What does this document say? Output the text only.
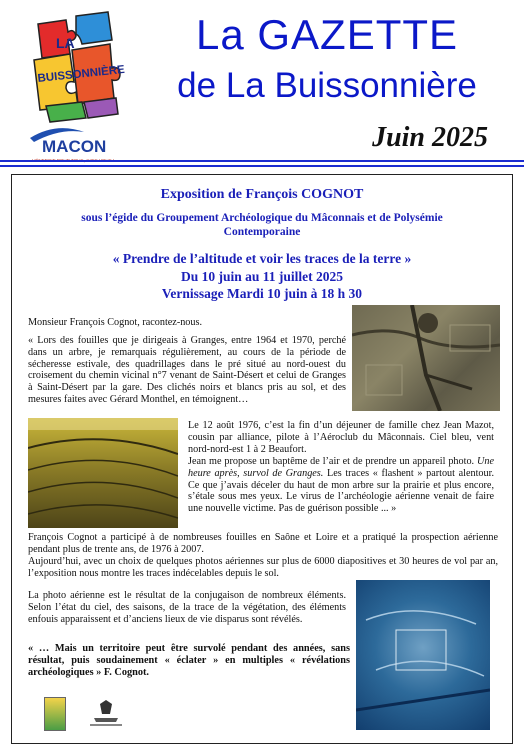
LA
BUISSONNIÈRE
MACON
La GAZETTE
de La Buissonnière
Juin 2025
Exposition de François COGNOT
sous l’égide du Groupement Archéologique du Mâconnais et de Polysémie Contemporaine
« Prendre de l’altitude et voir les traces de la terre »
Du 10 juin au 11 juillet 2025
Vernissage Mardi 10 juin à 18 h 30
Monsieur François Cognot, racontez-nous.
« Lors des fouilles que je dirigeais à Granges, entre 1964 et 1970, perché dans un arbre, je remarquais régulièrement, au cours de la période de sécheresse estivale, des quadrillages dans le pré situé au nord-ouest du croisement du chemin vicinal n°7 venant de Saint-Désert et celui de Granges à Saint-Désert par la gare. Des clichés noirs et blancs pris au sol, et des mesures faites avec Gérard Monthel, en témoignent…
Le 12 août 1976, c’est la fin d’un déjeuner de famille chez Jean Mazot, cousin par alliance, pilote à l’Aéroclub du Mâconnais. Ciel bleu, vent nord-nord-est 1 à 2 Beaufort.
Jean me propose un baptême de l’air et de prendre un appareil photo. Une heure après, survol de Granges. Les traces « flashent » partout alentour. Ce que j’avais déceler du haut de mon arbre sur la prairie et plus encore, s’étale sous mes yeux. Le virus de l’archéologie aérienne venait de faire une nouvelle victime. Pas de guérison possible ... »
François Cognot a participé à de nombreuses fouilles en Saône et Loire et a pratiqué la prospection aérienne pendant plus de trente ans, de 1976 à 2007.
Aujourd’hui, avec un choix de quelques photos aériennes sur plus de 6000 diapositives et 30 heures de vol par an, l’exposition nous montre les traces indécelables depuis le sol.
La photo aérienne est le résultat de la conjugaison de nombreux éléments. Selon l’état du ciel, des saisons, de la trace de la végétation, des éléments enfouis apparaissent et d’anciens lieux de vie disparus sont révélés.
« … Mais un territoire peut être survolé pendant des années, sans résultat, puis soudainement « éclater » en multiples « révélations archéologiques » F. Cognot.
